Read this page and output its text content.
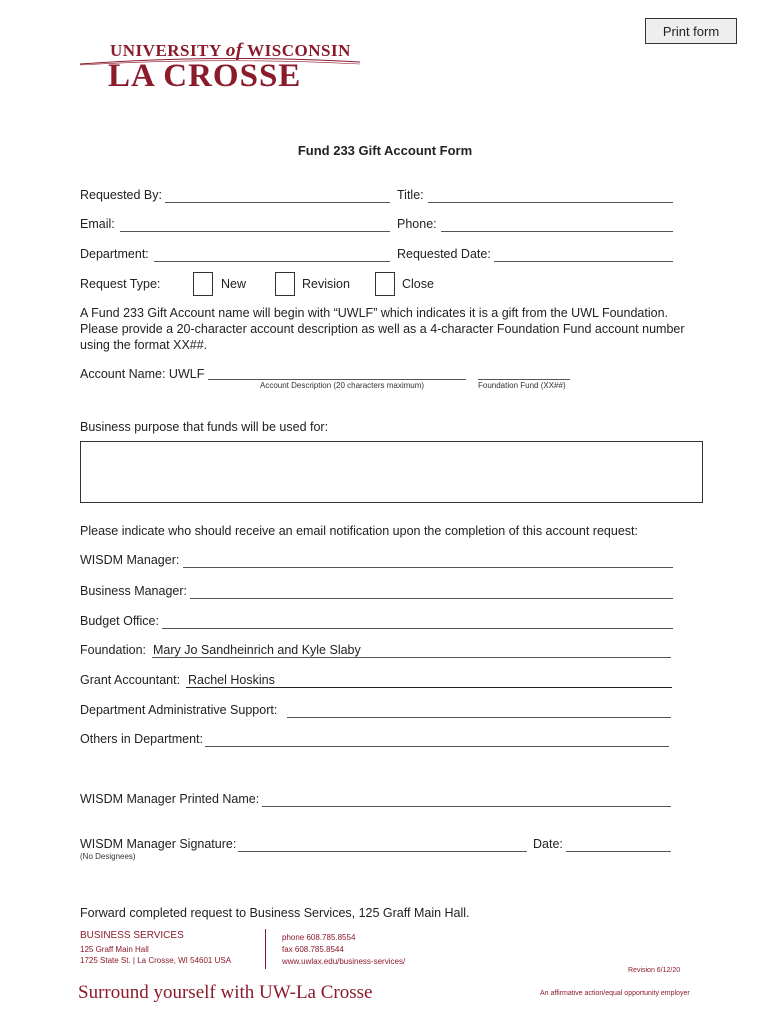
Print form
UNIVERSITY of WISCONSIN
LA CROSSE
Fund 233 Gift Account Form
Requested By:	Title:
Email:	Phone:
Department:	Requested Date:
Request Type:	New	Revision	Close
A Fund 233 Gift Account name will begin with “UWLF” which indicates it is a gift from the UWL Foundation. Please provide a 20-character account description as well as a 4-character Foundation Fund account number using the format XX##.
Account Name: UWLF
Account Description (20 characters maximum)	Foundation Fund (XX##)
Business purpose that funds will be used for:
Please indicate who should receive an email notification upon the completion of this account request:
WISDM Manager:
Business Manager:
Budget Office:
Foundation: Mary Jo Sandheinrich and Kyle Slaby
Grant Accountant: Rachel Hoskins
Department Administrative Support:
Others in Department:
WISDM Manager Printed Name:
WISDM Manager Signature:	Date:
(No Designees)
Forward completed request to Business Services, 125 Graff Main Hall.
BUSINESS SERVICES
125 Graff Main Hall
1725 State St. | La Crosse, WI 54601 USA
phone 608.785.8554
fax 608.785.8544
www.uwlax.edu/business-services/
Revision 6/12/20
Surround yourself with UW-La Crosse	An affirmative action/equal opportunity employer
